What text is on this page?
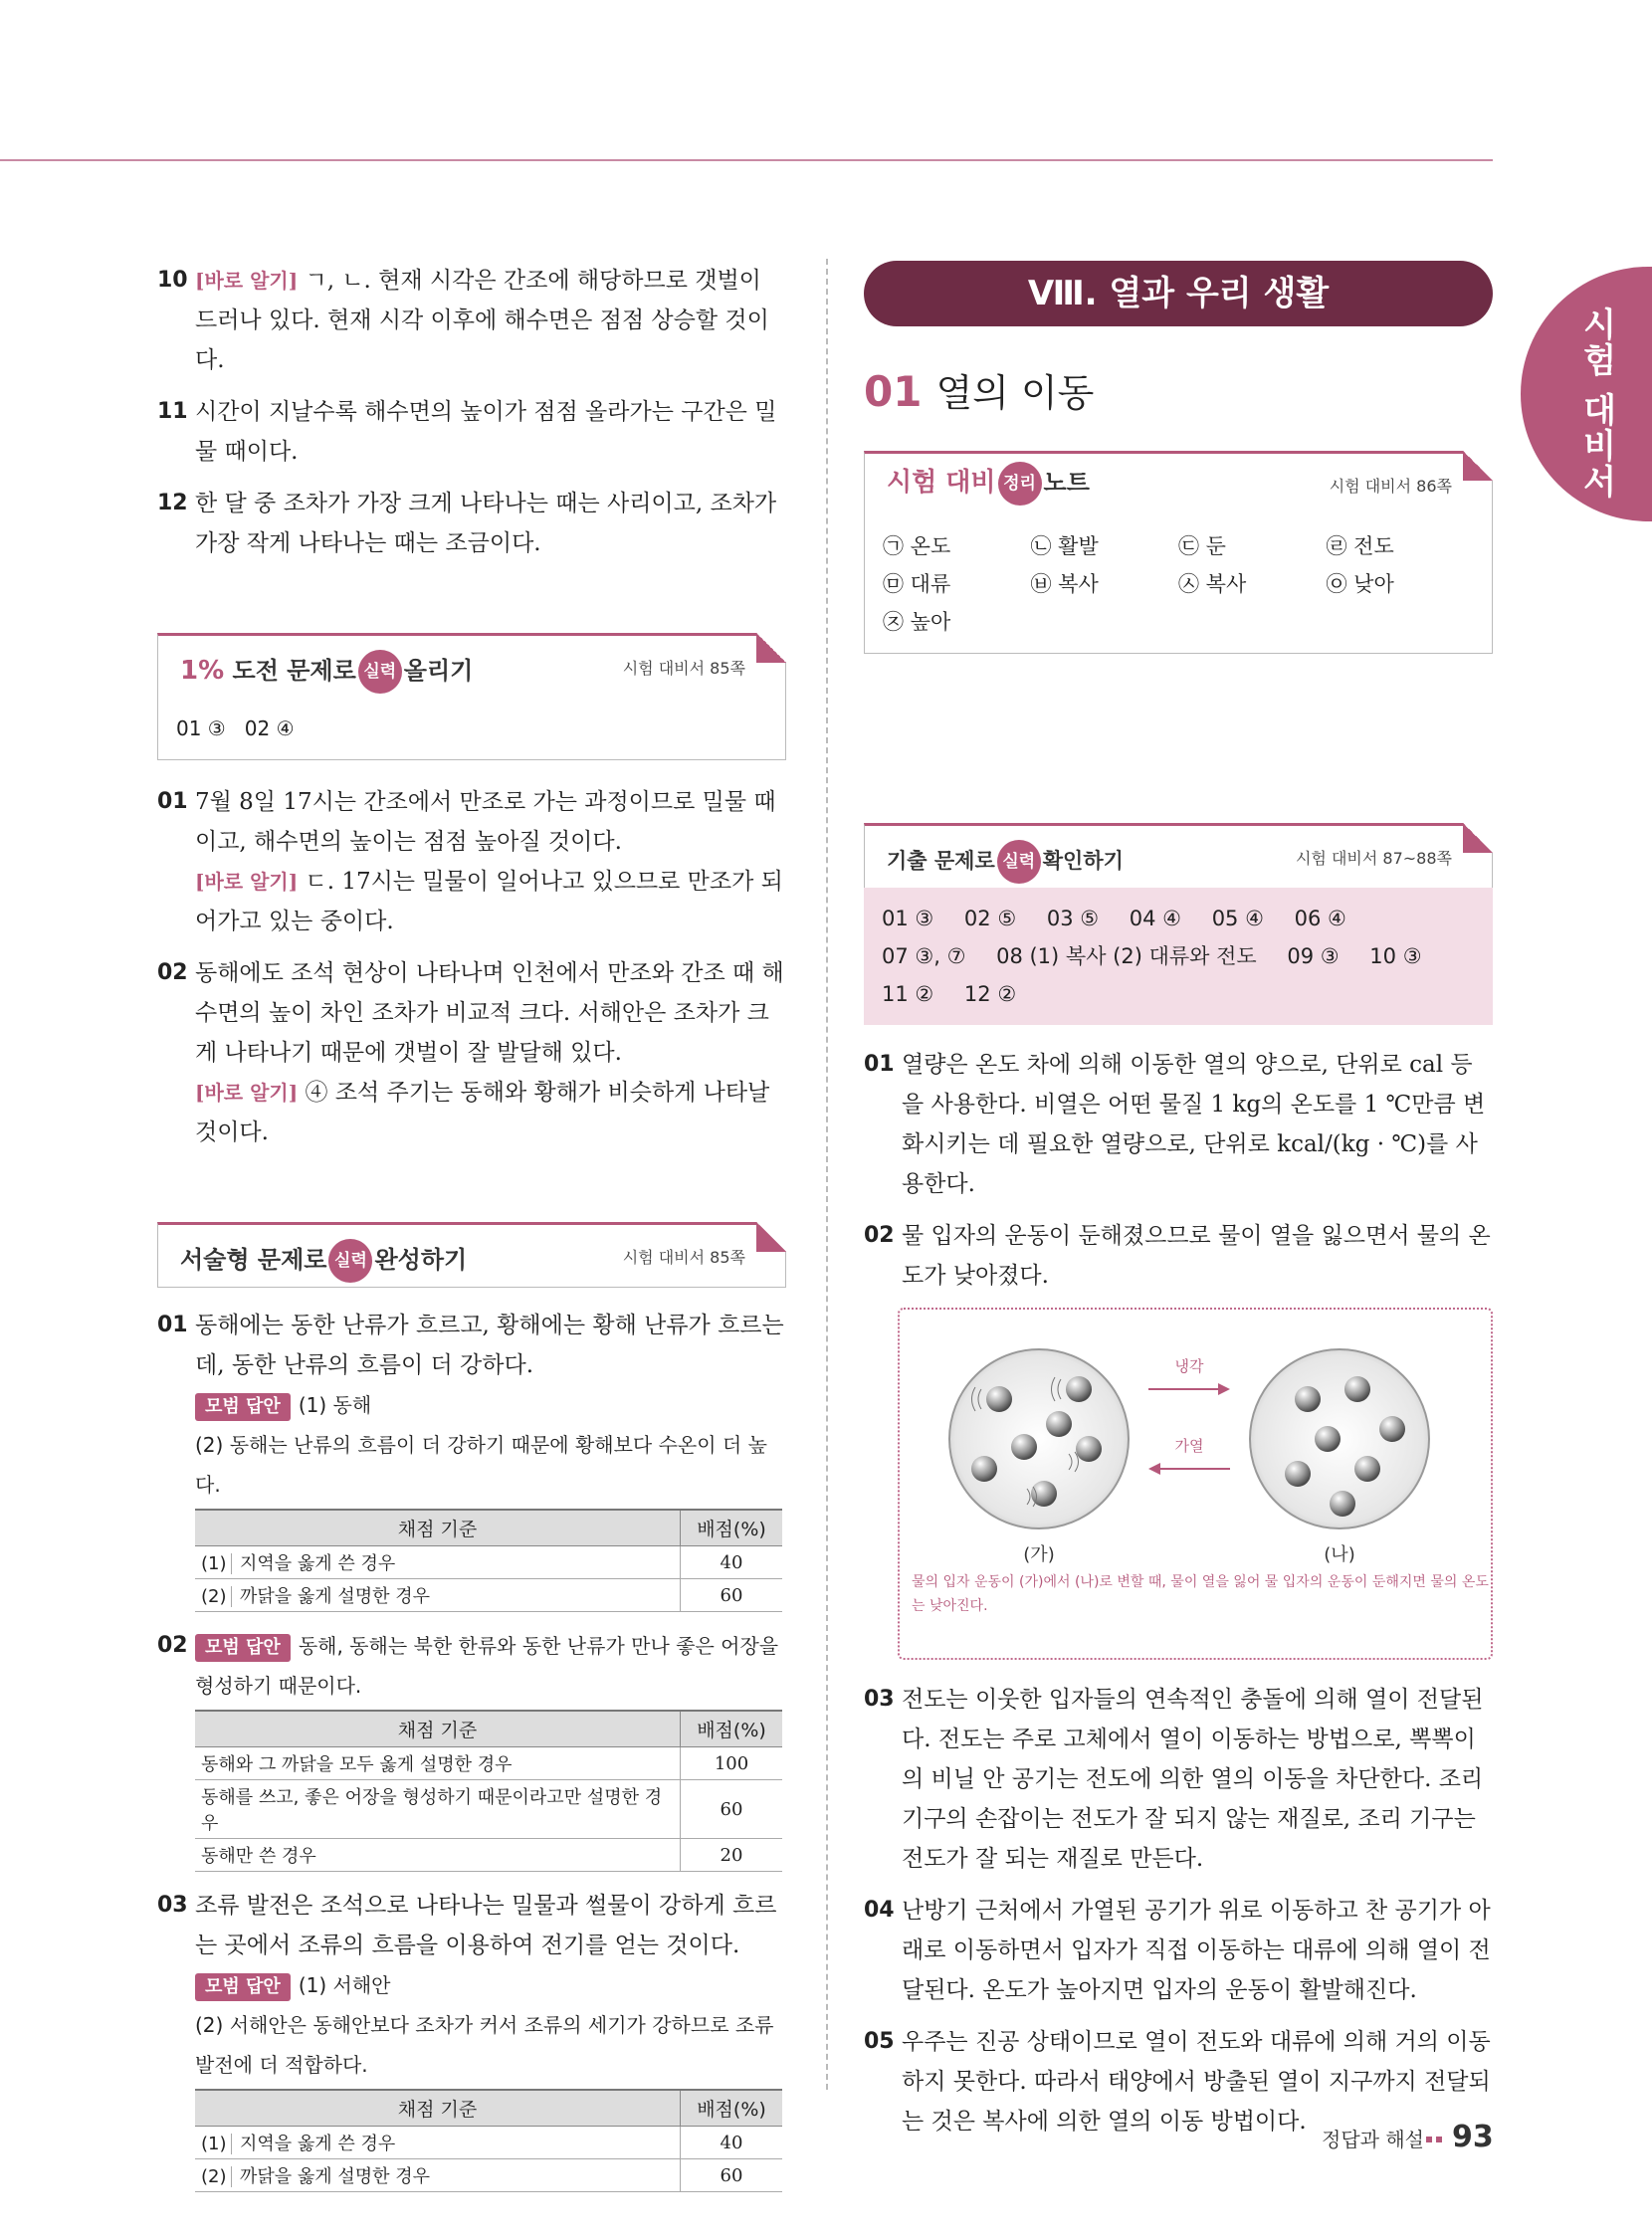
시험 대비서
10 [바로 알기] ㄱ, ㄴ. 현재 시각은 간조에 해당하므로 갯벌이 드러나 있다. 현재 시각 이후에 해수면은 점점 상승할 것이다.
11 시간이 지날수록 해수면의 높이가 점점 올라가는 구간은 밀물 때이다.
12 한 달 중 조차가 가장 크게 나타나는 때는 사리이고, 조차가 가장 작게 나타나는 때는 조금이다.
1% 도전 문제로 실력 올리기	시험 대비서 85쪽
01 ③   02 ④
01 7월 8일 17시는 간조에서 만조로 가는 과정이므로 밀물 때이고, 해수면의 높이는 점점 높아질 것이다.
[바로 알기] ㄷ. 17시는 밀물이 일어나고 있으므로 만조가 되어가고 있는 중이다.
02 동해에도 조석 현상이 나타나며 인천에서 만조와 간조 때 해수면의 높이 차인 조차가 비교적 크다. 서해안은 조차가 크게 나타나기 때문에 갯벌이 잘 발달해 있다.
[바로 알기] ④ 조석 주기는 동해와 황해가 비슷하게 나타날 것이다.
서술형 문제로 실력 완성하기	시험 대비서 85쪽
01 동해에는 동한 난류가 흐르고, 황해에는 황해 난류가 흐르는데, 동한 난류의 흐름이 더 강하다.
모범 답안 (1) 동해
(2) 동해는 난류의 흐름이 더 강하기 때문에 황해보다 수온이 더 높다.
채점 기준	배점(%)
(1) 지역을 옳게 쓴 경우	40
(2) 까닭을 옳게 설명한 경우	60
02 모범 답안 동해, 동해는 북한 한류와 동한 난류가 만나 좋은 어장을 형성하기 때문이다.
채점 기준	배점(%)
동해와 그 까닭을 모두 옳게 설명한 경우	100
동해를 쓰고, 좋은 어장을 형성하기 때문이라고만 설명한 경우	60
동해만 쓴 경우	20
03 조류 발전은 조석으로 나타나는 밀물과 썰물이 강하게 흐르는 곳에서 조류의 흐름을 이용하여 전기를 얻는 것이다.
모범 답안 (1) 서해안
(2) 서해안은 동해안보다 조차가 커서 조류의 세기가 강하므로 조류 발전에 더 적합하다.
채점 기준	배점(%)
(1) 지역을 옳게 쓴 경우	40
(2) 까닭을 옳게 설명한 경우	60
Ⅷ. 열과 우리 생활
01 열의 이동
시험 대비 정리 노트	시험 대비서 86쪽
㉠ 온도	㉡ 활발	㉢ 둔	㉣ 전도
㉤ 대류	㉥ 복사	㉦ 복사	㉧ 낮아
㉨ 높아
기출 문제로 실력 확인하기	시험 대비서 87~88쪽
01 ③ 02 ⑤ 03 ⑤ 04 ④ 05 ④ 06 ④
07 ③, ⑦ 08 (1) 복사 (2) 대류와 전도 09 ③ 10 ③
11 ② 12 ②
01 열량은 온도 차에 의해 이동한 열의 양으로, 단위로 cal 등을 사용한다. 비열은 어떤 물질 1 kg의 온도를 1 ℃만큼 변화시키는 데 필요한 열량으로, 단위로 kcal/(kg · ℃)를 사용한다.
02 물 입자의 운동이 둔해졌으므로 물이 열을 잃으면서 물의 온도가 낮아졌다.
냉각
가열
(가)	(나)
물의 입자 운동이 (가)에서 (나)로 변할 때, 물이 열을 잃어 물 입자의 운동이 둔해지면 물의 온도는 낮아진다.
03 전도는 이웃한 입자들의 연속적인 충돌에 의해 열이 전달된다. 전도는 주로 고체에서 열이 이동하는 방법으로, 뽁뽁이의 비닐 안 공기는 전도에 의한 열의 이동을 차단한다. 조리 기구의 손잡이는 전도가 잘 되지 않는 재질로, 조리 기구는 전도가 잘 되는 재질로 만든다.
04 난방기 근처에서 가열된 공기가 위로 이동하고 찬 공기가 아래로 이동하면서 입자가 직접 이동하는 대류에 의해 열이 전달된다. 온도가 높아지면 입자의 운동이 활발해진다.
05 우주는 진공 상태이므로 열이 전도와 대류에 의해 거의 이동하지 못한다. 따라서 태양에서 방출된 열이 지구까지 전달되는 것은 복사에 의한 열의 이동 방법이다.
정답과 해설 93
